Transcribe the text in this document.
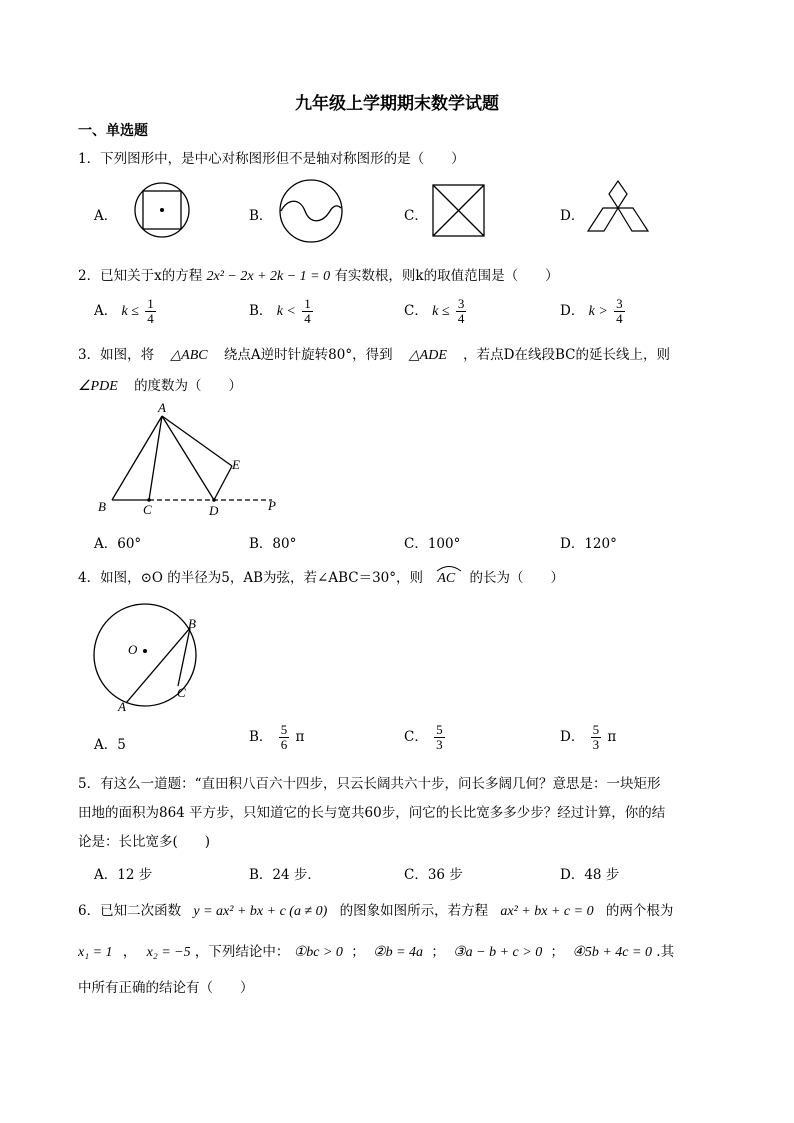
九年级上学期期末数学试题
一、单选题
1．下列图形中，是中心对称图形但不是轴对称图形的是（　　）
A．	B．	C．	D．
2．已知关于x的方程 2x² − 2x + 2k − 1 = 0 有实数根，则k的取值范围是（　　）
A． $k \le \frac{1}{4}$	B． $k < \frac{1}{4}$	C． $k \le \frac{3}{4}$	D． $k > \frac{3}{4}$
3．如图，将 △ABC 绕点A逆时针旋转80°，得到 △ADE ，若点D在线段BC的延长线上，则
∠PDE 的度数为（　　）
A
B	C	D
E
P
A．60°	B．80°	C．100°	D．120°
4．如图，⊙O 的半径为5，AB为弦，若∠ABC＝30°，则 AC 的长为（　　）
O
B
C
A
A．5	B． $\frac{5}{6}$ π	C． $\frac{5}{3}$	D． $\frac{5}{3}$ π
5．有这么一道题：“直田积八百六十四步，只云长阔共六十步，问长多阔几何？意思是：一块矩形
田地的面积为864 平方步，只知道它的长与宽共60步，问它的长比宽多多少步？经过计算，你的结
论是：长比宽多(　　)
A．12 步	B．24 步．	C．36 步	D．48 步
6．已知二次函数 y = ax² + bx + c (a ≠ 0) 的图象如图所示，若方程 ax² + bx + c = 0 的两个根为
x₁ = 1 ， x₂ = −5 ，下列结论中： ①bc > 0 ； ②b = 4a ； ③a − b + c > 0 ； ④5b + 4c = 0 .其
中所有正确的结论有（　　）
